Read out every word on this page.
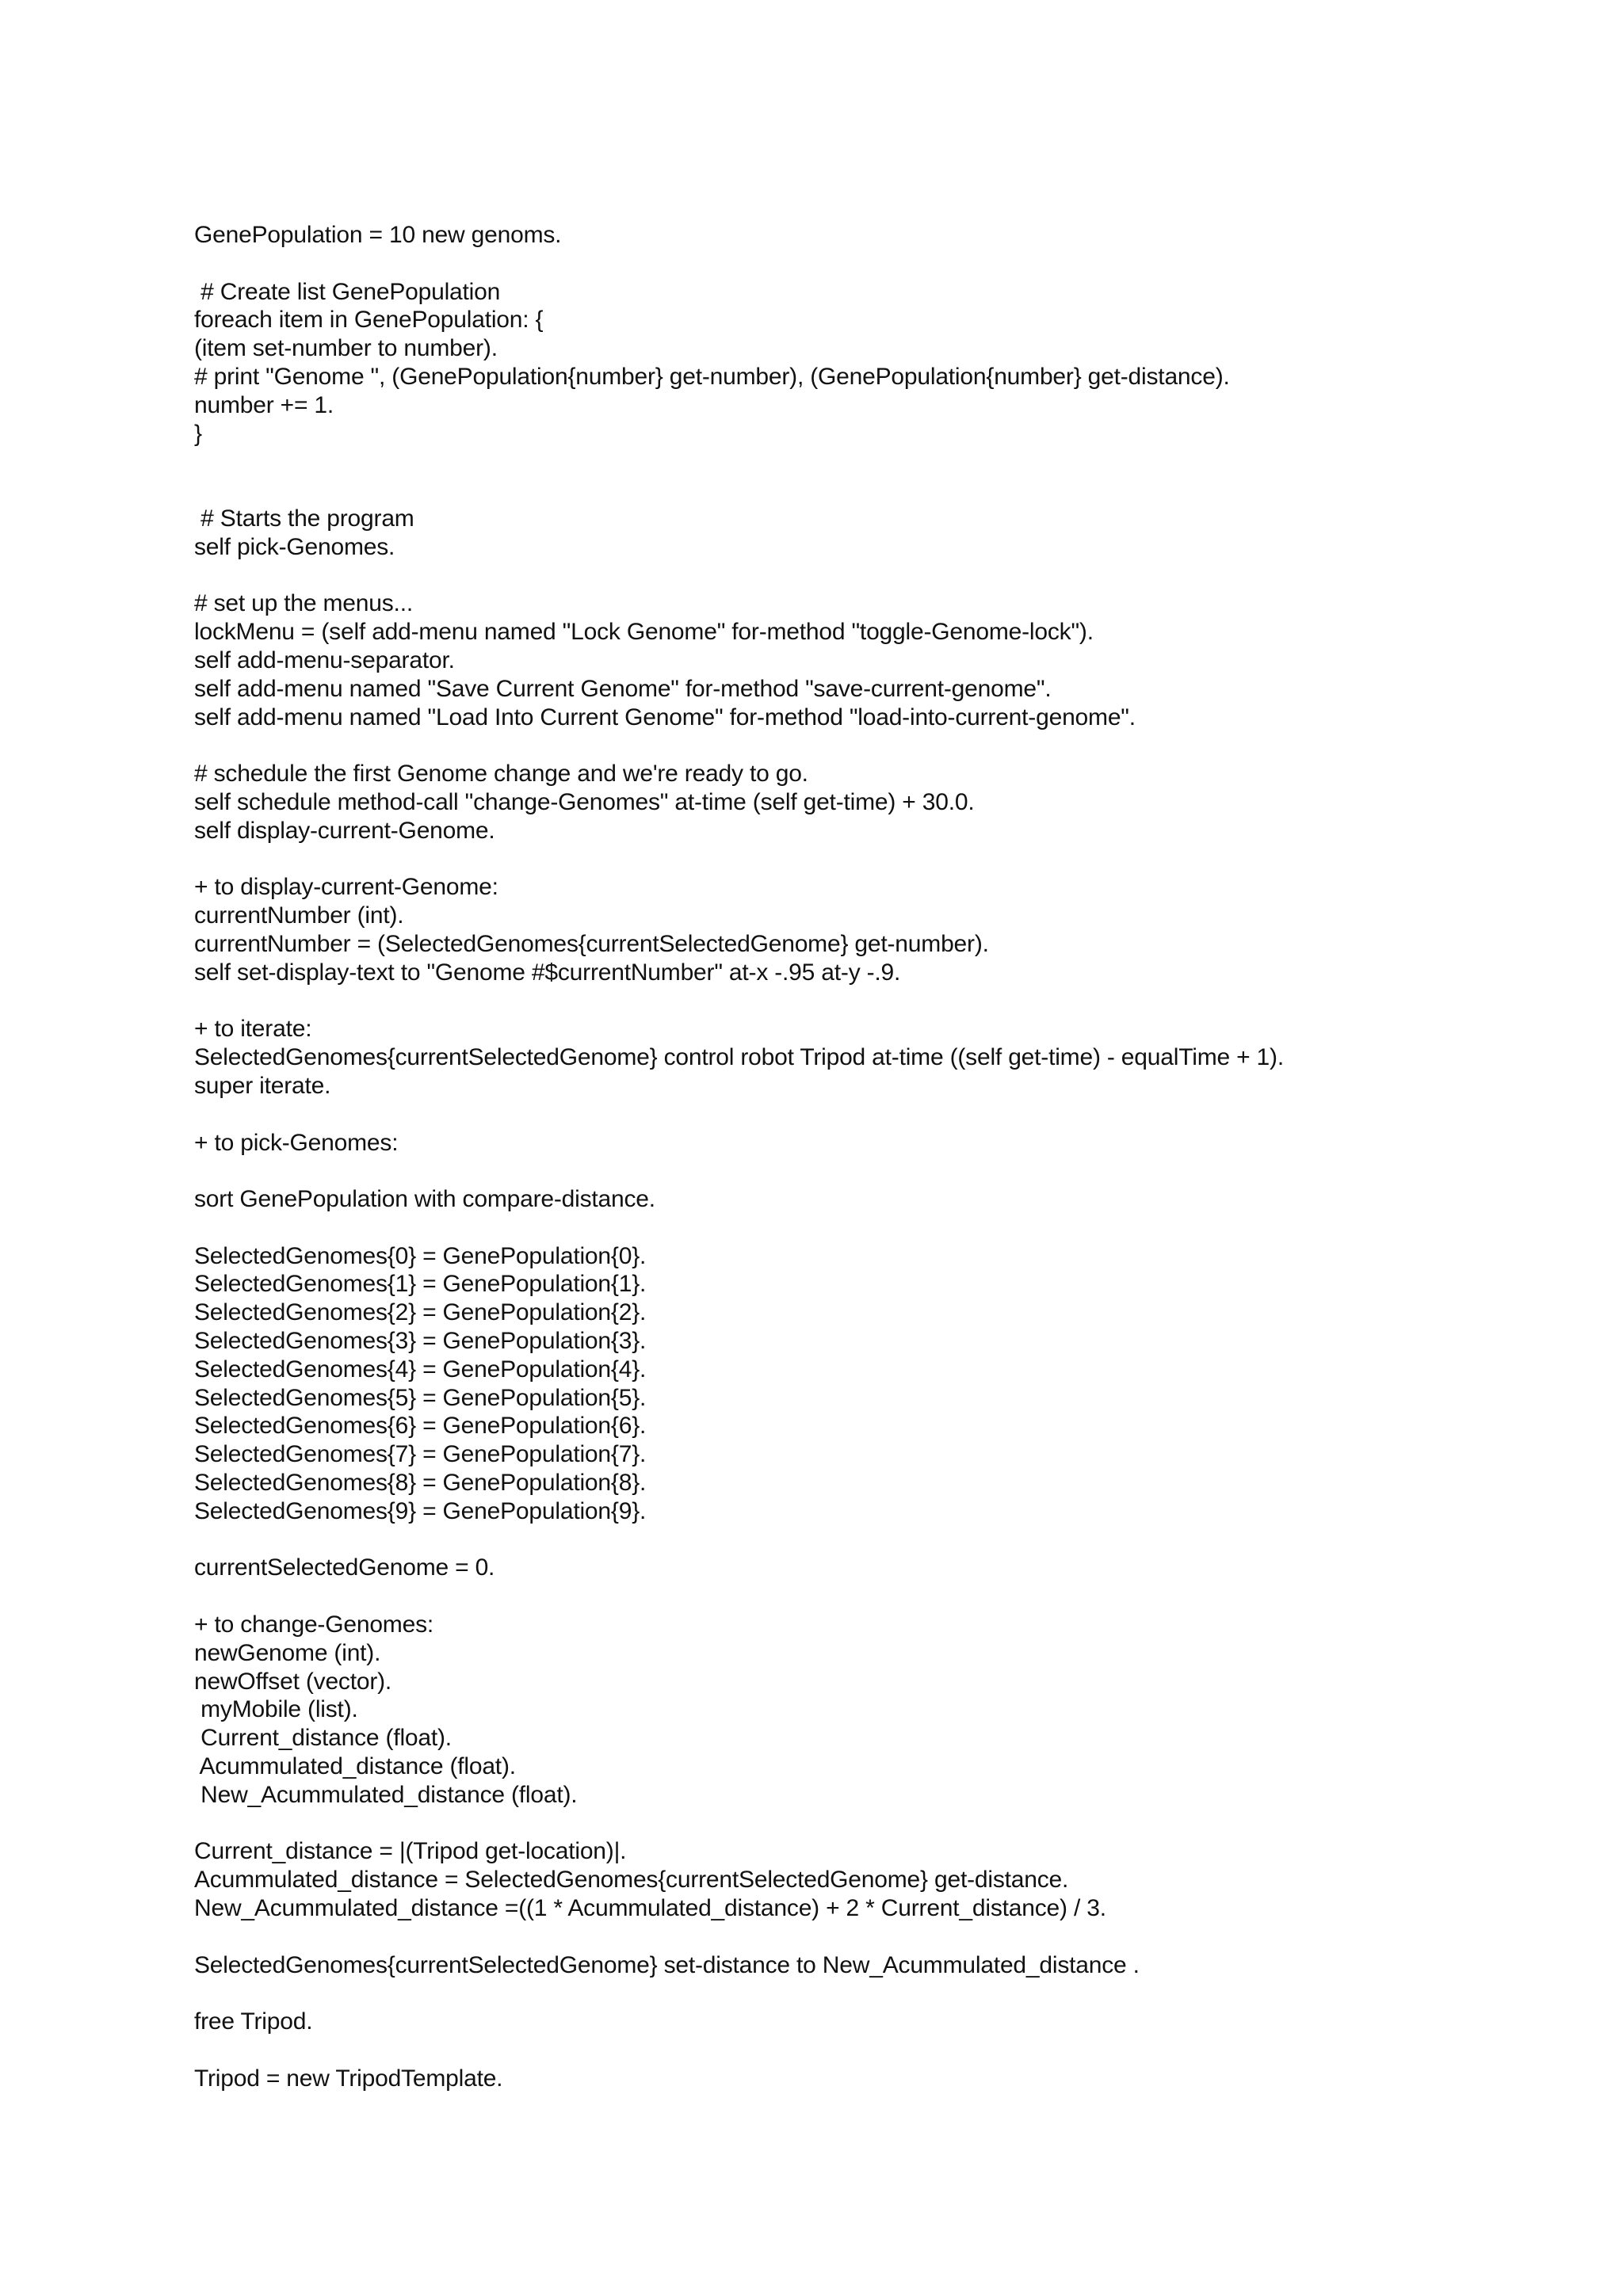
GenePopulation = 10 new genoms.
# Create list GenePopulation
foreach item in GenePopulation: {
(item set-number to number).
# print "Genome ", (GenePopulation{number} get-number), (GenePopulation{number} get-distance).
number += 1.
}
# Starts the program
self pick-Genomes.
# set up the menus...
lockMenu = (self add-menu named "Lock Genome" for-method "toggle-Genome-lock").
self add-menu-separator.
self add-menu named "Save Current Genome" for-method "save-current-genome".
self add-menu named "Load Into Current Genome" for-method "load-into-current-genome".
# schedule the first Genome change and we're ready to go.
self schedule method-call "change-Genomes" at-time (self get-time) + 30.0.
self display-current-Genome.
+ to display-current-Genome:
currentNumber (int).
currentNumber = (SelectedGenomes{currentSelectedGenome} get-number).
self set-display-text to "Genome #$currentNumber" at-x -.95 at-y -.9.
+ to iterate:
SelectedGenomes{currentSelectedGenome} control robot Tripod at-time ((self get-time) - equalTime + 1).
super iterate.
+ to pick-Genomes:
sort GenePopulation with compare-distance.
SelectedGenomes{0} = GenePopulation{0}.
SelectedGenomes{1} = GenePopulation{1}.
SelectedGenomes{2} = GenePopulation{2}.
SelectedGenomes{3} = GenePopulation{3}.
SelectedGenomes{4} = GenePopulation{4}.
SelectedGenomes{5} = GenePopulation{5}.
SelectedGenomes{6} = GenePopulation{6}.
SelectedGenomes{7} = GenePopulation{7}.
SelectedGenomes{8} = GenePopulation{8}.
SelectedGenomes{9} = GenePopulation{9}.
currentSelectedGenome = 0.
+ to change-Genomes:
newGenome (int).
newOffset (vector).
myMobile (list).
Current_distance (float).
Acummulated_distance (float).
New_Acummulated_distance (float).
Current_distance = |(Tripod get-location)|.
Acummulated_distance = SelectedGenomes{currentSelectedGenome} get-distance.
New_Acummulated_distance =((1 * Acummulated_distance) + 2 * Current_distance) / 3.
SelectedGenomes{currentSelectedGenome} set-distance to New_Acummulated_distance .
free Tripod.
Tripod = new TripodTemplate.
